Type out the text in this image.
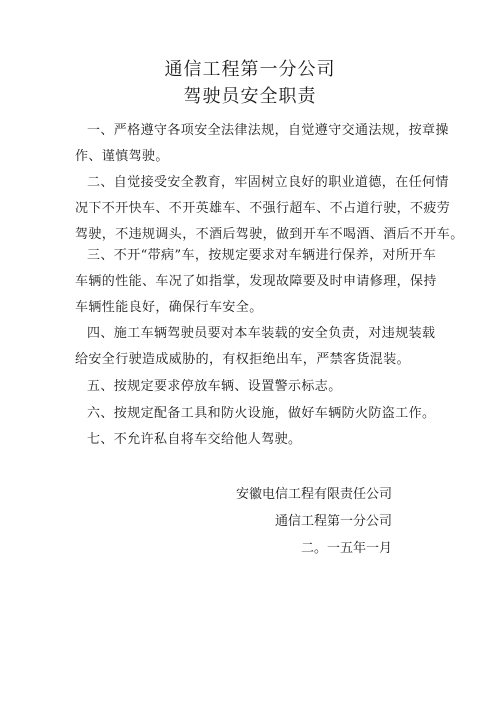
通信工程第一分公司
驾驶员安全职责
一、严格遵守各项安全法律法规，自觉遵守交通法规，按章操
作、谨慎驾驶。
二、自觉接受安全教育，牢固树立良好的职业道德，在任何情
况下不开快车、不开英雄车、不强行超车、不占道行驶，不疲劳
驾驶，不违规调头，不酒后驾驶，做到开车不喝酒、酒后不开车。
三、不开“带病”车，按规定要求对车辆进行保养，对所开车
车辆的性能、车况了如指掌，发现故障要及时申请修理，保持
车辆性能良好，确保行车安全。
四、施工车辆驾驶员要对本车装载的安全负责，对违规装载
给安全行驶造成威胁的，有权拒绝出车，严禁客货混装。
五、按规定要求停放车辆、设置警示标志。
六、按规定配备工具和防火设施，做好车辆防火防盗工作。
七、不允许私自将车交给他人驾驶。
安徽电信工程有限责任公司
通信工程第一分公司
二。一五年一月
